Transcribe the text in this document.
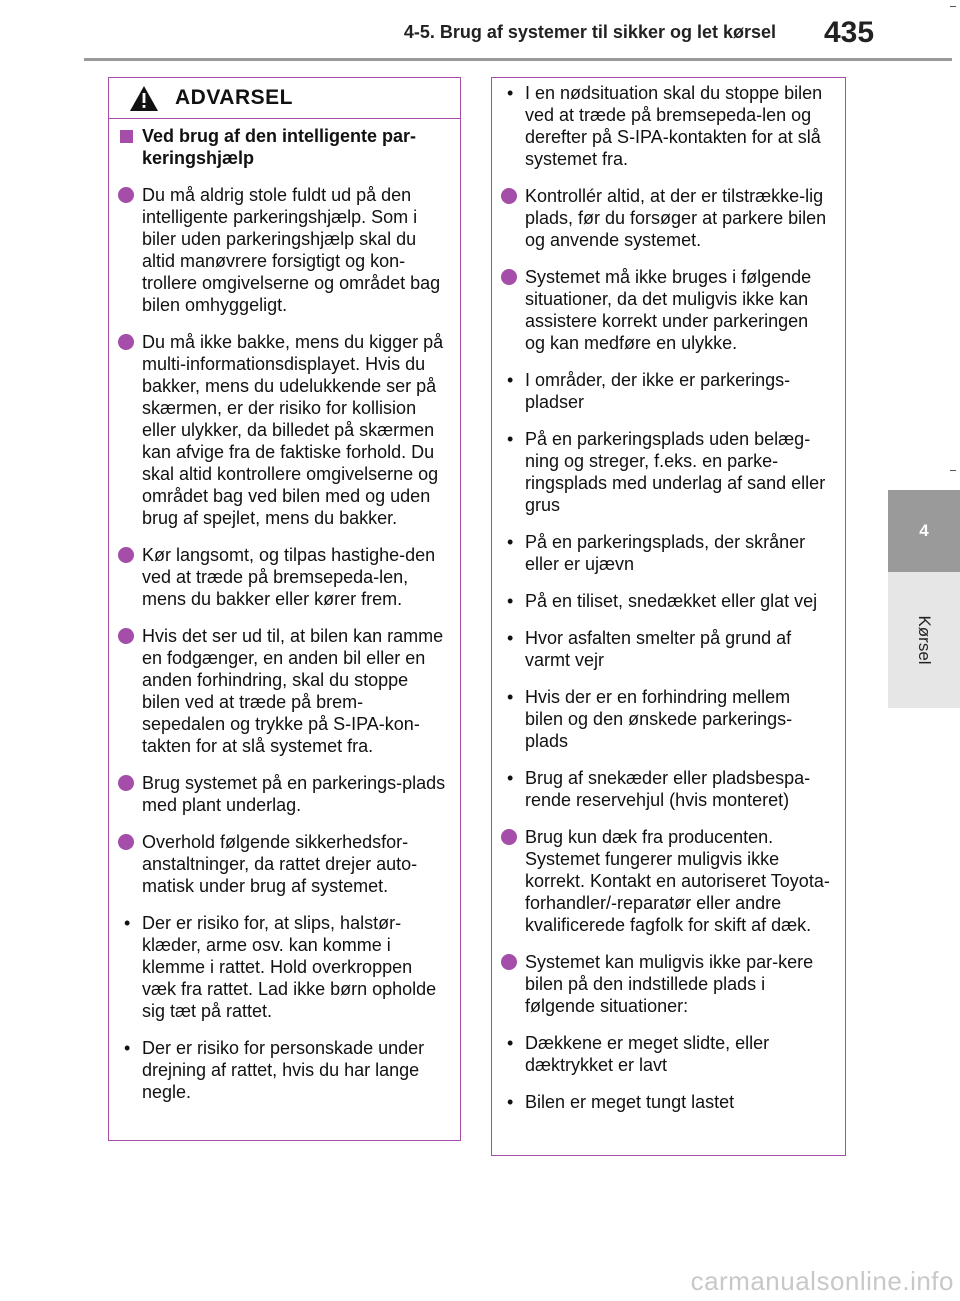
4-5. Brug af systemer til sikker og let kørsel 435
4
Kørsel
ADVARSEL
Ved brug af den intelligente par-keringshjælp
Du må aldrig stole fuldt ud på den intelligente parkeringshjælp. Som i biler uden parkeringshjælp skal du altid manøvrere forsigtigt og kon-trollere omgivelserne og området bag bilen omhyggeligt.
Du må ikke bakke, mens du kigger på multi-informationsdisplayet. Hvis du bakker, mens du udelukkende ser på skærmen, er der risiko for kollision eller ulykker, da billedet på skærmen kan afvige fra de faktiske forhold. Du skal altid kontrollere omgivelserne og området bag ved bilen med og uden brug af spejlet, mens du bakker.
Kør langsomt, og tilpas hastighe-den ved at træde på bremsepeda-len, mens du bakker eller kører frem.
Hvis det ser ud til, at bilen kan ramme en fodgænger, en anden bil eller en anden forhindring, skal du stoppe bilen ved at træde på brem-sepedalen og trykke på S-IPA-kon-takten for at slå systemet fra.
Brug systemet på en parkerings-plads med plant underlag.
Overhold følgende sikkerhedsfor-anstaltninger, da rattet drejer auto-matisk under brug af systemet.
• Der er risiko for, at slips, halstør-klæder, arme osv. kan komme i klemme i rattet. Hold overkroppen væk fra rattet. Lad ikke børn opholde sig tæt på rattet.
• Der er risiko for personskade under drejning af rattet, hvis du har lange negle.
• I en nødsituation skal du stoppe bilen ved at træde på bremsepeda-len og derefter på S-IPA-kontakten for at slå systemet fra.
Kontrollér altid, at der er tilstrække-lig plads, før du forsøger at parkere bilen og anvende systemet.
Systemet må ikke bruges i følgende situationer, da det muligvis ikke kan assistere korrekt under parkeringen og kan medføre en ulykke.
• I områder, der ikke er parkerings-pladser
• På en parkeringsplads uden belæg-ning og streger, f.eks. en parke-ringsplads med underlag af sand eller grus
• På en parkeringsplads, der skråner eller er ujævn
• På en tiliset, snedækket eller glat vej
• Hvor asfalten smelter på grund af varmt vejr
• Hvis der er en forhindring mellem bilen og den ønskede parkerings-plads
• Brug af snekæder eller pladsbespa-rende reservehjul (hvis monteret)
Brug kun dæk fra producenten. Systemet fungerer muligvis ikke korrekt. Kontakt en autoriseret Toyota-forhandler/-reparatør eller andre kvalificerede fagfolk for skift af dæk.
Systemet kan muligvis ikke par-kere bilen på den indstillede plads i følgende situationer:
• Dækkene er meget slidte, eller dæktrykket er lavt
• Bilen er meget tungt lastet
carmanualsonline.info
